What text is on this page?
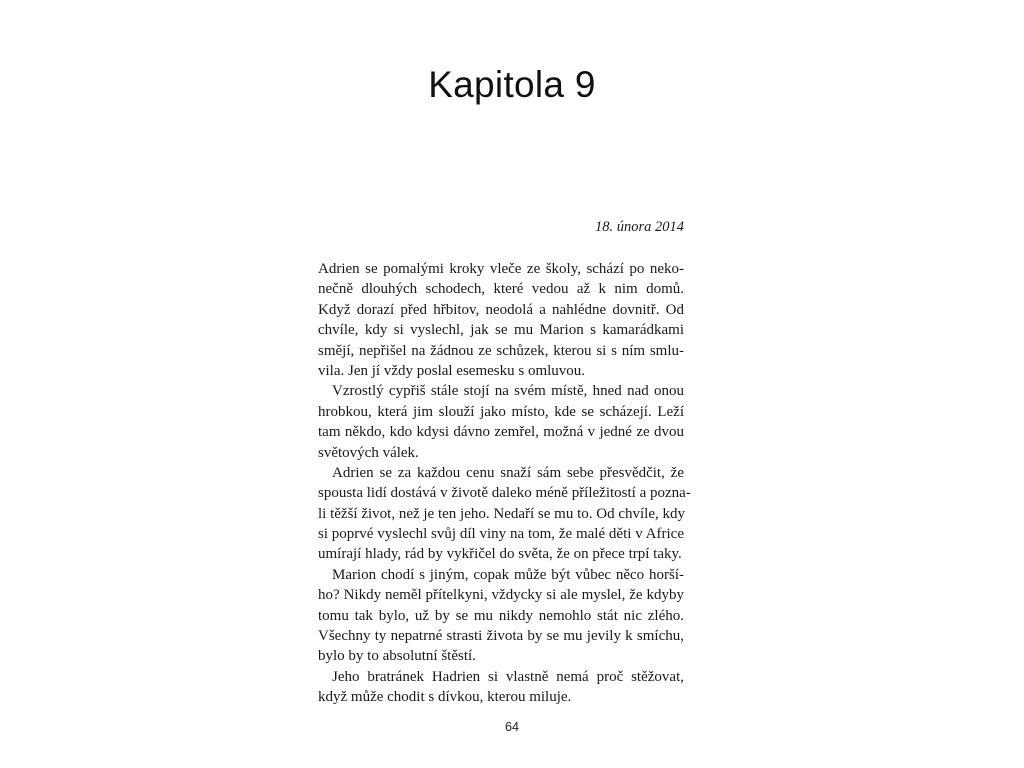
Kapitola 9
18. února 2014
Adrien se pomalými kroky vleče ze školy, schází po neko-
nečně dlouhých schodech, které vedou až k nim domů.
Když dorazí před hřbitov, neodolá a nahlédne dovnitř. Od
chvíle, kdy si vyslechl, jak se mu Marion s kamarádkami
smějí, nepřišel na žádnou ze schůzek, kterou si s ním smlu-
vila. Jen jí vždy poslal esemesku s omluvou.
Vzrostlý cypřiš stále stojí na svém místě, hned nad onou
hrobkou, která jim slouží jako místo, kde se scházejí. Leží
tam někdo, kdo kdysi dávno zemřel, možná v jedné ze dvou
světových válek.
Adrien se za každou cenu snaží sám sebe přesvědčit, že
spousta lidí dostává v životě daleko méně příležitostí a pozna-
li těžší život, než je ten jeho. Nedaří se mu to. Od chvíle, kdy
si poprvé vyslechl svůj díl viny na tom, že malé děti v Africe
umírají hlady, rád by vykřičel do světa, že on přece trpí taky.
Marion chodí s jiným, copak může být vůbec něco horší-
ho? Nikdy neměl přítelkyni, vždycky si ale myslel, že kdyby
tomu tak bylo, už by se mu nikdy nemohlo stát nic zlého.
Všechny ty nepatrné strasti života by se mu jevily k smíchu,
bylo by to absolutní štěstí.
Jeho bratránek Hadrien si vlastně nemá proč stěžovat,
když může chodit s dívkou, kterou miluje.
64
